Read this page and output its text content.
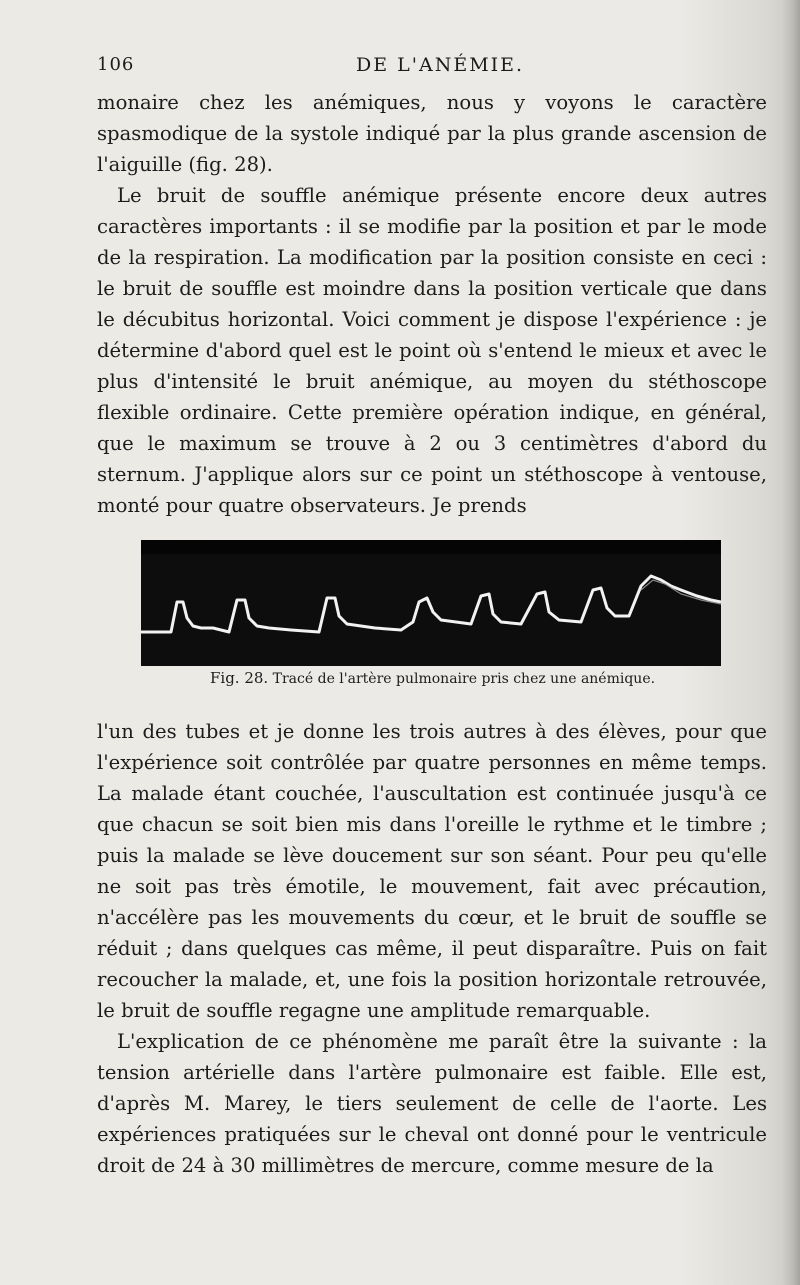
106	DE L'ANÉMIE.

monaire chez les anémiques, nous y voyons le caractère spasmodique de la systole indiqué par la plus grande ascension de l'aiguille (fig. 28).

Le bruit de souffle anémique présente encore deux autres caractères importants : il se modifie par la position et par le mode de la respiration. La modification par la position consiste en ceci : le bruit de souffle est moindre dans la position verticale que dans le décubitus horizontal. Voici comment je dispose l'expérience : je détermine d'abord quel est le point où s'entend le mieux et avec le plus d'intensité le bruit anémique, au moyen du stéthoscope flexible ordinaire. Cette première opération indique, en général, que le maximum se trouve à 2 ou 3 centimètres d'abord du sternum. J'applique alors sur ce point un stéthoscope à ventouse, monté pour quatre observateurs. Je prends

Fig. 28. Tracé de l'artère pulmonaire pris chez une anémique.

l'un des tubes et je donne les trois autres à des élèves, pour que l'expérience soit contrôlée par quatre personnes en même temps. La malade étant couchée, l'auscultation est continuée jusqu'à ce que chacun se soit bien mis dans l'oreille le rythme et le timbre ; puis la malade se lève doucement sur son séant. Pour peu qu'elle ne soit pas très émotile, le mouvement, fait avec précaution, n'accélère pas les mouvements du cœur, et le bruit de souffle se réduit ; dans quelques cas même, il peut disparaître. Puis on fait recoucher la malade, et, une fois la position horizontale retrouvée, le bruit de souffle regagne une amplitude remarquable.

L'explication de ce phénomène me paraît être la suivante : la tension artérielle dans l'artère pulmonaire est faible. Elle est, d'après M. Marey, le tiers seulement de celle de l'aorte. Les expériences pratiquées sur le cheval ont donné pour le ventricule droit de 24 à 30 millimètres de mercure, comme mesure de la
